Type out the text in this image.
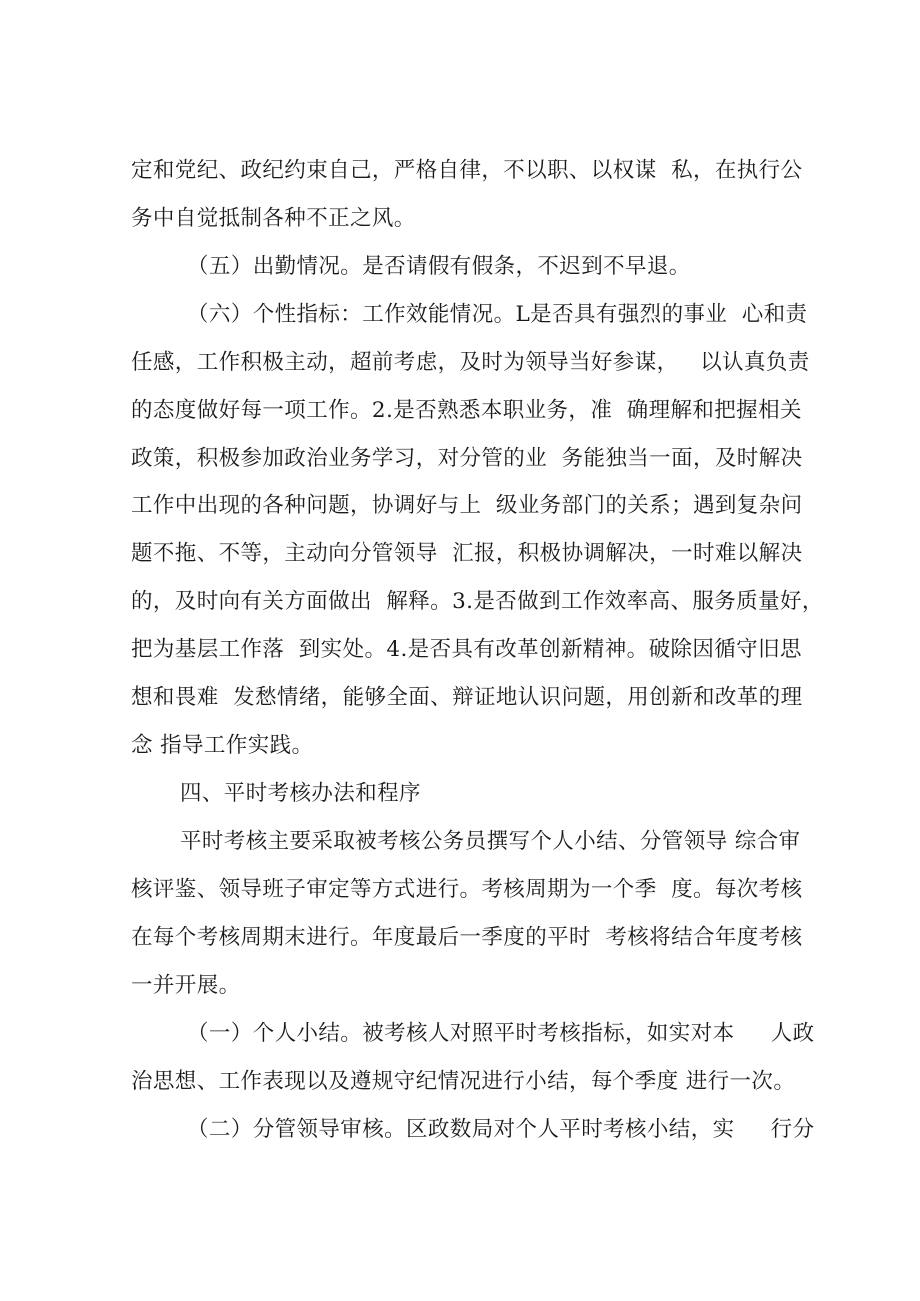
定和党纪、政纪约束自己，严格自律，不以职、以权谋  私，在执行公
务中自觉抵制各种不正之风。
（五）出勤情况。是否请假有假条，不迟到不早退。
（六）个性指标：工作效能情况。L是否具有强烈的事业  心和责
任感，工作积极主动，超前考虑，及时为领导当好参谋，   以认真负责
的态度做好每一项工作。2.是否熟悉本职业务，准  确理解和把握相关
政策，积极参加政治业务学习，对分管的业  务能独当一面，及时解决
工作中出现的各种问题，协调好与上  级业务部门的关系；遇到复杂问
题不拖、不等，主动向分管领导  汇报，积极协调解决，一时难以解决
的，及时向有关方面做出  解释。3.是否做到工作效率高、服务质量好，
把为基层工作落  到实处。4.是否具有改革创新精神。破除因循守旧思
想和畏难  发愁情绪，能够全面、辩证地认识问题，用创新和改革的理
念 指导工作实践。
四、平时考核办法和程序
平时考核主要采取被考核公务员撰写个人小结、分管领导 综合审
核评鉴、领导班子审定等方式进行。考核周期为一个季  度。每次考核
在每个考核周期末进行。年度最后一季度的平时  考核将结合年度考核
一并开展。
（一）个人小结。被考核人对照平时考核指标，如实对本     人政
治思想、工作表现以及遵规守纪情况进行小结，每个季度 进行一次。
（二）分管领导审核。区政数局对个人平时考核小结，实     行分
